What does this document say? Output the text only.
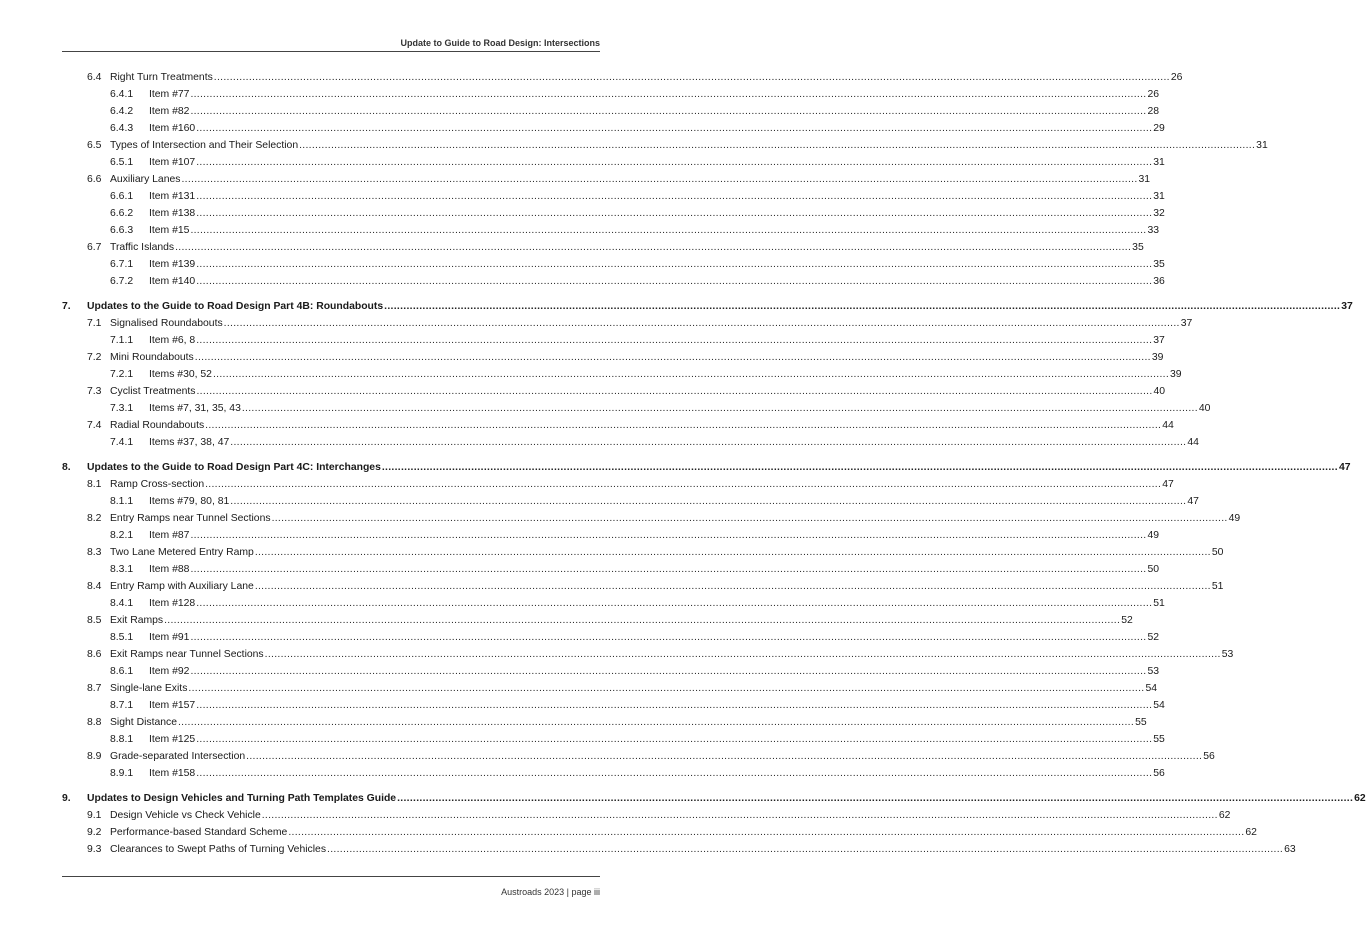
Update to Guide to Road Design: Intersections
6.4 Right Turn Treatments ............................................................................................................................................................................................................................................................................................................ 26
6.4.1 Item #77 ............................................................................................................................................................................................................................................................................................................ 26
6.4.2 Item #82 ............................................................................................................................................................................................................................................................................................................ 28
6.4.3 Item #160 ............................................................................................................................................................................................................................................................................................................ 29
6.5 Types of Intersection and Their Selection ............................................................................................................................................................................................................................................................................................................ 31
6.5.1 Item #107 ............................................................................................................................................................................................................................................................................................................ 31
6.6 Auxiliary Lanes ............................................................................................................................................................................................................................................................................................................ 31
6.6.1 Item #131 ............................................................................................................................................................................................................................................................................................................ 31
6.6.2 Item #138 ............................................................................................................................................................................................................................................................................................................ 32
6.6.3 Item #15 ............................................................................................................................................................................................................................................................................................................ 33
6.7 Traffic Islands ............................................................................................................................................................................................................................................................................................................ 35
6.7.1 Item #139 ............................................................................................................................................................................................................................................................................................................ 35
6.7.2 Item #140 ............................................................................................................................................................................................................................................................................................................ 36
7. Updates to the Guide to Road Design Part 4B: Roundabouts ............................................................................................................................................................................................................................................................................................................ 37
7.1 Signalised Roundabouts ............................................................................................................................................................................................................................................................................................................ 37
7.1.1 Item #6, 8 ............................................................................................................................................................................................................................................................................................................ 37
7.2 Mini Roundabouts ............................................................................................................................................................................................................................................................................................................ 39
7.2.1 Items #30, 52 ............................................................................................................................................................................................................................................................................................................ 39
7.3 Cyclist Treatments ............................................................................................................................................................................................................................................................................................................ 40
7.3.1 Items #7, 31, 35, 43 ............................................................................................................................................................................................................................................................................................................ 40
7.4 Radial Roundabouts ............................................................................................................................................................................................................................................................................................................ 44
7.4.1 Items #37, 38, 47 ............................................................................................................................................................................................................................................................................................................ 44
8. Updates to the Guide to Road Design Part 4C: Interchanges ............................................................................................................................................................................................................................................................................................................ 47
8.1 Ramp Cross-section ............................................................................................................................................................................................................................................................................................................ 47
8.1.1 Items #79, 80, 81 ............................................................................................................................................................................................................................................................................................................ 47
8.2 Entry Ramps near Tunnel Sections ............................................................................................................................................................................................................................................................................................................ 49
8.2.1 Item #87 ............................................................................................................................................................................................................................................................................................................ 49
8.3 Two Lane Metered Entry Ramp ............................................................................................................................................................................................................................................................................................................ 50
8.3.1 Item #88 ............................................................................................................................................................................................................................................................................................................ 50
8.4 Entry Ramp with Auxiliary Lane ............................................................................................................................................................................................................................................................................................................ 51
8.4.1 Item #128 ............................................................................................................................................................................................................................................................................................................ 51
8.5 Exit Ramps ............................................................................................................................................................................................................................................................................................................ 52
8.5.1 Item #91 ............................................................................................................................................................................................................................................................................................................ 52
8.6 Exit Ramps near Tunnel Sections ............................................................................................................................................................................................................................................................................................................ 53
8.6.1 Item #92 ............................................................................................................................................................................................................................................................................................................ 53
8.7 Single-lane Exits ............................................................................................................................................................................................................................................................................................................ 54
8.7.1 Item #157 ............................................................................................................................................................................................................................................................................................................ 54
8.8 Sight Distance ............................................................................................................................................................................................................................................................................................................ 55
8.8.1 Item #125 ............................................................................................................................................................................................................................................................................................................ 55
8.9 Grade-separated Intersection ............................................................................................................................................................................................................................................................................................................ 56
8.9.1 Item #158 ............................................................................................................................................................................................................................................................................................................ 56
9. Updates to Design Vehicles and Turning Path Templates Guide ............................................................................................................................................................................................................................................................................................................ 62
9.1 Design Vehicle vs Check Vehicle ............................................................................................................................................................................................................................................................................................................ 62
9.2 Performance-based Standard Scheme ............................................................................................................................................................................................................................................................................................................ 62
9.3 Clearances to Swept Paths of Turning Vehicles ............................................................................................................................................................................................................................................................................................................ 63
Austroads 2023 | page iii
